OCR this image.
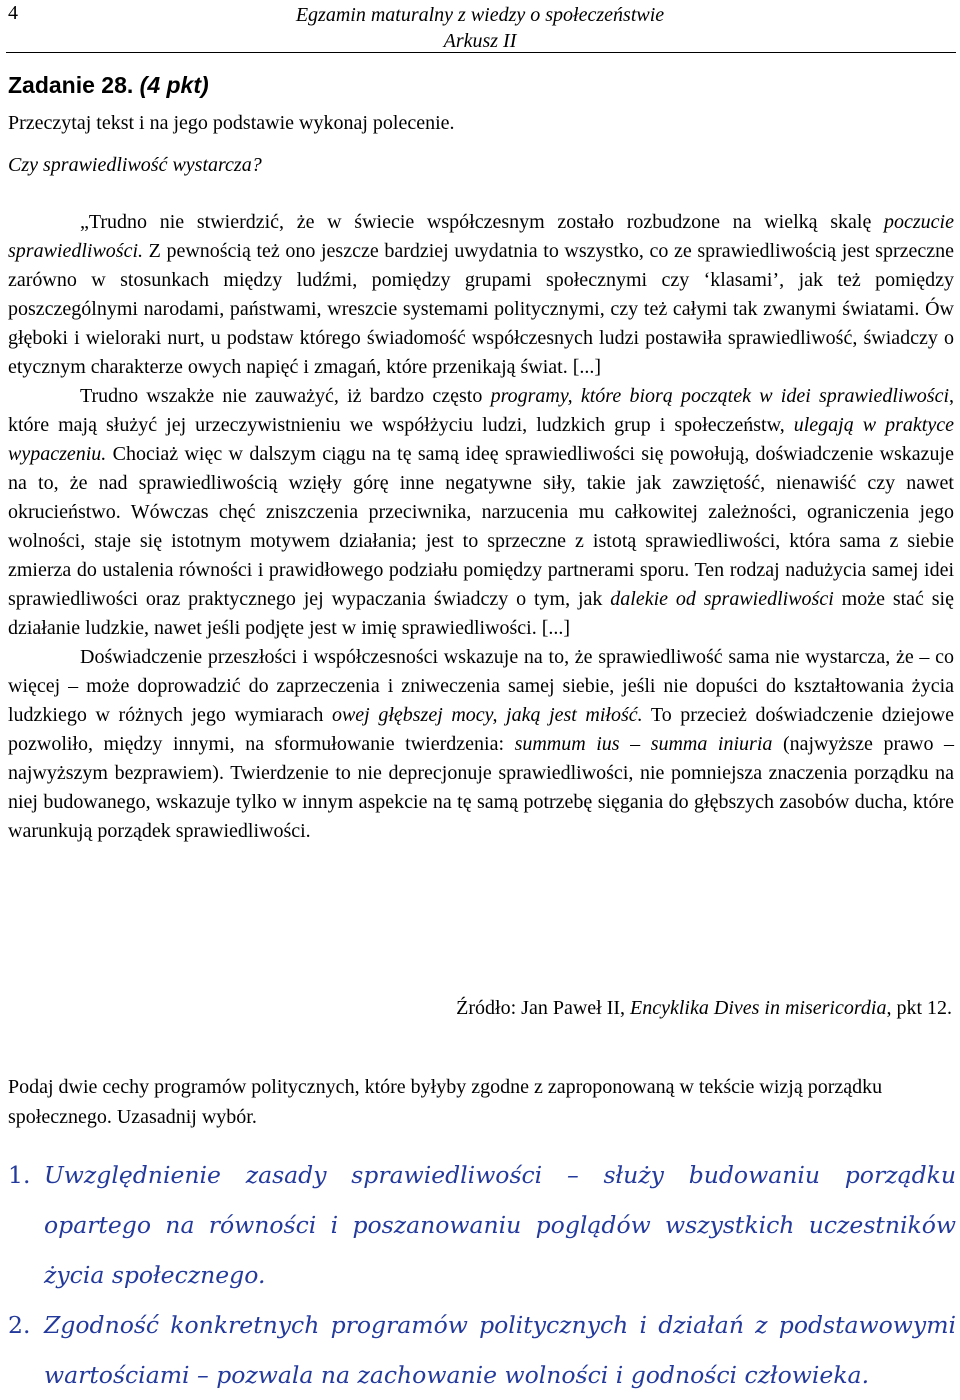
4	Egzamin maturalny z wiedzy o społeczeństwie
Arkusz II
Zadanie 28. (4 pkt)
Przeczytaj tekst i na jego podstawie wykonaj polecenie.
Czy sprawiedliwość wystarcza?

„Trudno nie stwierdzić, że w świecie współczesnym zostało rozbudzone na wielką skalę poczucie sprawiedliwości. Z pewnością też ono jeszcze bardziej uwydatnia to wszystko, co ze sprawiedliwością jest sprzeczne zarówno w stosunkach między ludźmi, pomiędzy grupami społecznymi czy ‘klasami’, jak też pomiędzy poszczególnymi narodami, państwami, wreszcie systemami politycznymi, czy też całymi tak zwanymi światami. Ów głęboki i wieloraki nurt, u podstaw którego świadomość współczesnych ludzi postawiła sprawiedliwość, świadczy o etycznym charakterze owych napięć i zmagań, które przenikają świat. [...]

Trudno wszakże nie zauważyć, iż bardzo często programy, które biorą początek w idei sprawiedliwości, które mają służyć jej urzeczywistnieniu we współżyciu ludzi, ludzkich grup i społeczeństw, ulegają w praktyce wypaczeniu. Chociaż więc w dalszym ciągu na tę samą ideę sprawiedliwości się powołują, doświadczenie wskazuje na to, że nad sprawiedliwością wzięły górę inne negatywne siły, takie jak zawziętość, nienawiść czy nawet okrucieństwo. Wówczas chęć zniszczenia przeciwnika, narzucenia mu całkowitej zależności, ograniczenia jego wolności, staje się istotnym motywem działania; jest to sprzeczne z istotą sprawiedliwości, która sama z siebie zmierza do ustalenia równości i prawidłowego podziału pomiędzy partnerami sporu. Ten rodzaj nadużycia samej idei sprawiedliwości oraz praktycznego jej wypaczania świadczy o tym, jak dalekie od sprawiedliwości może stać się działanie ludzkie, nawet jeśli podjęte jest w imię sprawiedliwości. [...]

Doświadczenie przeszłości i współczesności wskazuje na to, że sprawiedliwość sama nie wystarcza, że – co więcej – może doprowadzić do zaprzeczenia i zniweczenia samej siebie, jeśli nie dopuści do kształtowania życia ludzkiego w różnych jego wymiarach owej głębszej mocy, jaką jest miłość. To przecież doświadczenie dziejowe pozwoliło, między innymi, na sformułowanie twierdzenia: summum ius – summa iniuria (najwyższe prawo – najwyższym bezprawiem). Twierdzenie to nie deprecjonuje sprawiedliwości, nie pomniejsza znaczenia porządku na niej budowanego, wskazuje tylko w innym aspekcie na tę samą potrzebę sięgania do głębszych zasobów ducha, które warunkują porządek sprawiedliwości.

Źródło: Jan Paweł II, Encyklika Dives in misericordia, pkt 12.
Podaj dwie cechy programów politycznych, które byłyby zgodne z zaproponowaną w tekście wizją porządku społecznego. Uzasadnij wybór.
1. Uwzględnienie zasady sprawiedliwości – służy budowaniu porządku opartego na równości i poszanowaniu poglądów wszystkich uczestników życia społecznego.
2. Zgodność konkretnych programów politycznych i działań z podstawowymi wartościami – pozwala na zachowanie wolności i godności człowieka.
